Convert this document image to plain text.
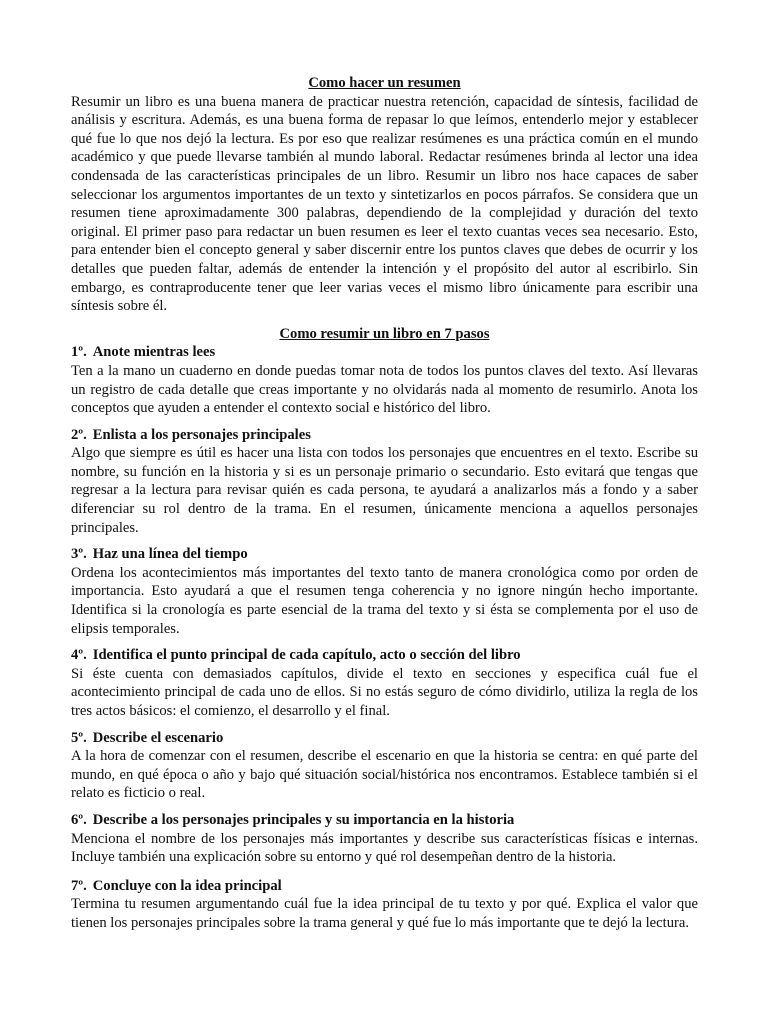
Como hacer un resumen

Resumir un libro es una buena manera de practicar nuestra retención, capacidad de síntesis, facilidad de análisis y escritura. Además, es una buena forma de repasar lo que leímos, entenderlo mejor y establecer qué fue lo que nos dejó la lectura. Es por eso que realizar resúmenes es una práctica común en el mundo académico y que puede llevarse también al mundo laboral. Redactar resúmenes brinda al lector una idea condensada de las características principales de un libro. Resumir un libro nos hace capaces de saber seleccionar los argumentos importantes de un texto y sintetizarlos en pocos párrafos. Se considera que un resumen tiene aproximadamente 300 palabras, dependiendo de la complejidad y duración del texto original. El primer paso para redactar un buen resumen es leer el texto cuantas veces sea necesario. Esto, para entender bien el concepto general y saber discernir entre los puntos claves que debes de ocurrir y los detalles que pueden faltar, además de entender la intención y el propósito del autor al escribirlo. Sin embargo, es contraproducente tener que leer varias veces el mismo libro únicamente para escribir una síntesis sobre él.

Como resumir un libro en 7 pasos

1º. Anote mientras lees

Ten a la mano un cuaderno en donde puedas tomar nota de todos los puntos claves del texto. Así llevaras un registro de cada detalle que creas importante y no olvidarás nada al momento de resumirlo. Anota los conceptos que ayuden a entender el contexto social e histórico del libro.

2º. Enlista a los personajes principales

Algo que siempre es útil es hacer una lista con todos los personajes que encuentres en el texto. Escribe su nombre, su función en la historia y si es un personaje primario o secundario. Esto evitará que tengas que regresar a la lectura para revisar quién es cada persona, te ayudará a analizarlos más a fondo y a saber diferenciar su rol dentro de la trama. En el resumen, únicamente menciona a aquellos personajes principales.

3º. Haz una línea del tiempo

Ordena los acontecimientos más importantes del texto tanto de manera cronológica como por orden de importancia. Esto ayudará a que el resumen tenga coherencia y no ignore ningún hecho importante. Identifica si la cronología es parte esencial de la trama del texto y si ésta se complementa por el uso de elipsis temporales.

4º. Identifica el punto principal de cada capítulo, acto o sección del libro

Si éste cuenta con demasiados capítulos, divide el texto en secciones y especifica cuál fue el acontecimiento principal de cada uno de ellos. Si no estás seguro de cómo dividirlo, utiliza la regla de los tres actos básicos: el comienzo, el desarrollo y el final.

5º. Describe el escenario

A la hora de comenzar con el resumen, describe el escenario en que la historia se centra: en qué parte del mundo, en qué época o año y bajo qué situación social/histórica nos encontramos. Establece también si el relato es ficticio o real.

6º. Describe a los personajes principales y su importancia en la historia

Menciona el nombre de los personajes más importantes y describe sus características físicas e internas. Incluye también una explicación sobre su entorno y qué rol desempeñan dentro de la historia.

7º. Concluye con la idea principal

Termina tu resumen argumentando cuál fue la idea principal de tu texto y por qué. Explica el valor que tienen los personajes principales sobre la trama general y qué fue lo más importante que te dejó la lectura.
